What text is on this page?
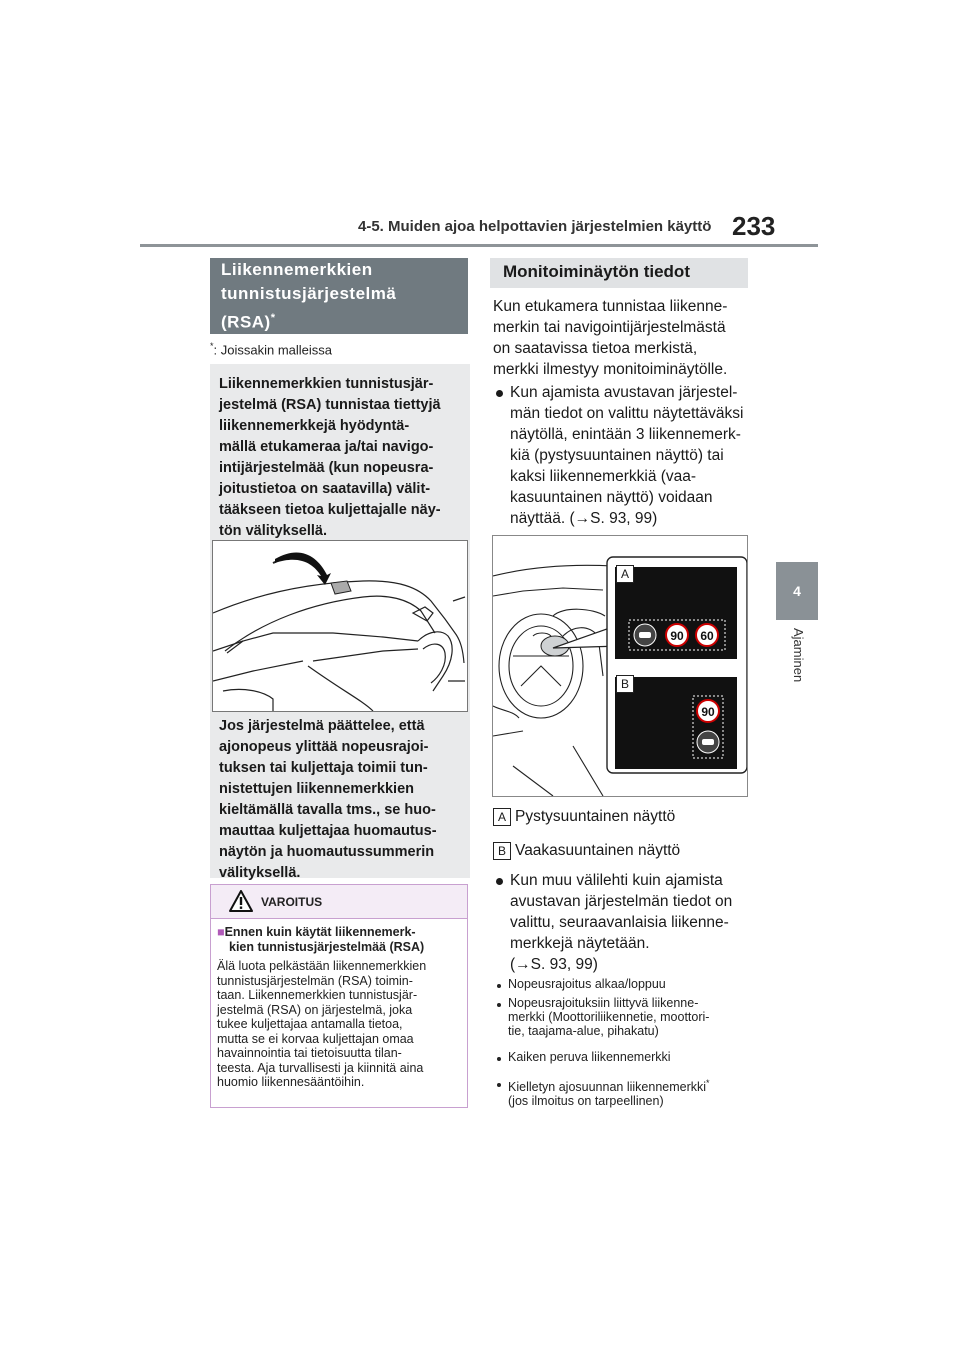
4-5. Muiden ajoa helpottavien järjestelmien käyttö 233
4
Ajaminen
Liikennemerkkien
tunnistusjärjestelmä
(RSA)*
*: Joissakin malleissa
Liikennemerkkien tunnistusjär-
jestelmä (RSA) tunnistaa tiettyjä
liikennemerkkejä hyödyntä-
mällä etukameraa ja/tai navigo-
intijärjestelmää (kun nopeusra-
joitustietoa on saatavilla) välit-
tääkseen tietoa kuljettajalle näy-
tön välityksellä.
Jos järjestelmä päättelee, että
ajonopeus ylittää nopeusrajoi-
tuksen tai kuljettaja toimii tun-
nistettujen liikennemerkkien
kieltämällä tavalla tms., se huo-
mauttaa kuljettajaa huomautus-
näytön ja huomautussummerin
välityksellä.
VAROITUS
■Ennen kuin käytät liikennemerk-
kien tunnistusjärjestelmää (RSA)
Älä luota pelkästään liikennemerkkien
tunnistusjärjestelmän (RSA) toimin-
taan. Liikennemerkkien tunnistusjär-
jestelmä (RSA) on järjestelmä, joka
tukee kuljettajaa antamalla tietoa,
mutta se ei korvaa kuljettajan omaa
havainnointia tai tietoisuutta tilan-
teesta. Aja turvallisesti ja kiinnitä aina
huomio liikennesääntöihin.
Monitoiminäytön tiedot
Kun etukamera tunnistaa liikenne-
merkin tai navigointijärjestelmästä
on saatavissa tietoa merkistä,
merkki ilmestyy monitoiminäytölle.
Kun ajamista avustavan järjestel-
män tiedot on valittu näytettäväksi
näytöllä, enintään 3 liikennemerk-
kiä (pystysuuntainen näyttö) tai
kaksi liikennemerkkiä (vaa-
kasuuntainen näyttö) voidaan
näyttää. (→S. 93, 99)
90 60
90
A
B
A Pystysuuntainen näyttö
B Vaakasuuntainen näyttö
Kun muu välilehti kuin ajamista
avustavan järjestelmän tiedot on
valittu, seuraavanlaisia liikenne-
merkkejä näytetään.
(→S. 93, 99)
Nopeusrajoitus alkaa/loppuu
Nopeusrajoituksiin liittyvä liikenne-
merkki (Moottoriliikennetie, moottori-
tie, taajama-alue, pihakatu)
Kaiken peruva liikennemerkki
Kielletyn ajosuunnan liikennemerkki*
(jos ilmoitus on tarpeellinen)
